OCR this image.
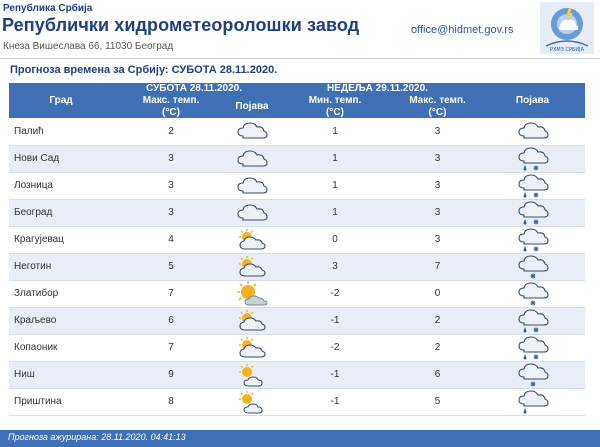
Република Србија
Републички хидрометеоролошки завод
Кнеза Вишеслава 66, 11030 Београд
office@hidmet.gov.rs
РХМЗ СРБИЈА
Прогноза времена за Србију: СУБОТА 28.11.2020.
Град	СУБОТА 28.11.2020.		НЕДЕЉА 29.11.2020.		Појава
	Макс. темп.	Појава	Мин. темп.	Макс. темп.	
	(°C)		(°C)	(°C)	
Палић	2		1	3	
Нови Сад	3		1	3	
Лозница	3		1	3	
Београд	3		1	3	
Крагујевац	4		0	3	
Неготин	5		3	7	
Златибор	7		-2	0	
Краљево	6		-1	2	
Копаоник	7		-2	2	
Ниш	9		-1	6	
Приштина	8		-1	5	
Прогноза ажурирана: 28.11.2020. 04:41:13
